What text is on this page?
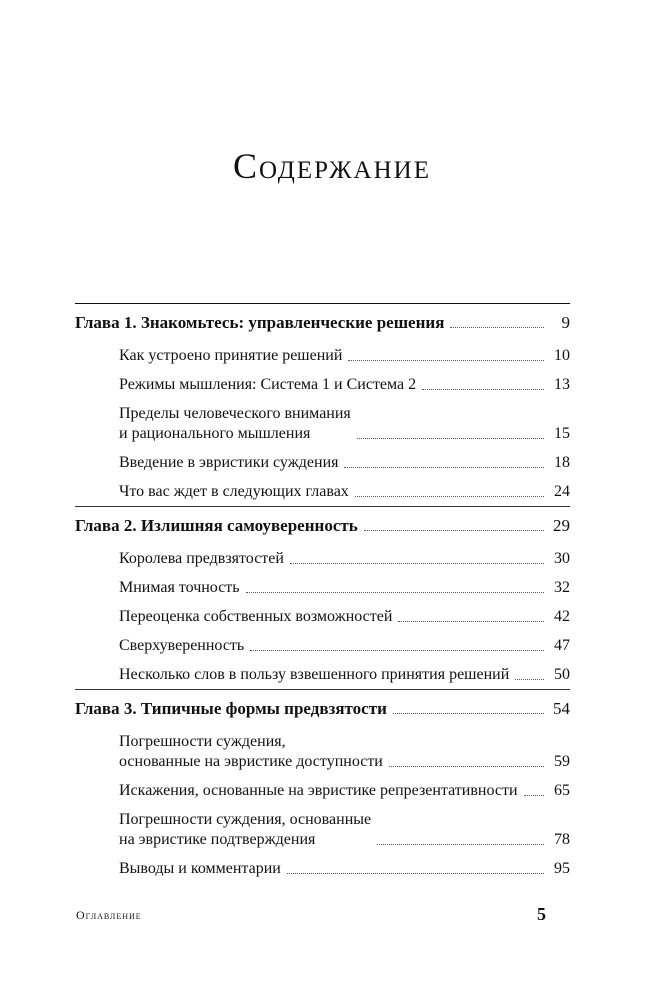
Содержание
Глава 1. Знакомьтесь: управленческие решения	9
Как устроено принятие решений	10
Режимы мышления: Система 1 и Система 2	13
Пределы человеческого внимания
и рационального мышления	15
Введение в эвристики суждения	18
Что вас ждет в следующих главах	24
Глава 2. Излишняя самоуверенность	29
Королева предвзятостей	30
Мнимая точность	32
Переоценка собственных возможностей	42
Сверхуверенность	47
Несколько слов в пользу взвешенного принятия решений	50
Глава 3. Типичные формы предвзятости	54
Погрешности суждения,
основанные на эвристике доступности	59
Искажения, основанные на эвристике репрезентативности 65
Погрешности суждения, основанные
на эвристике подтверждения	78
Выводы и комментарии	95
Оглавление	5
